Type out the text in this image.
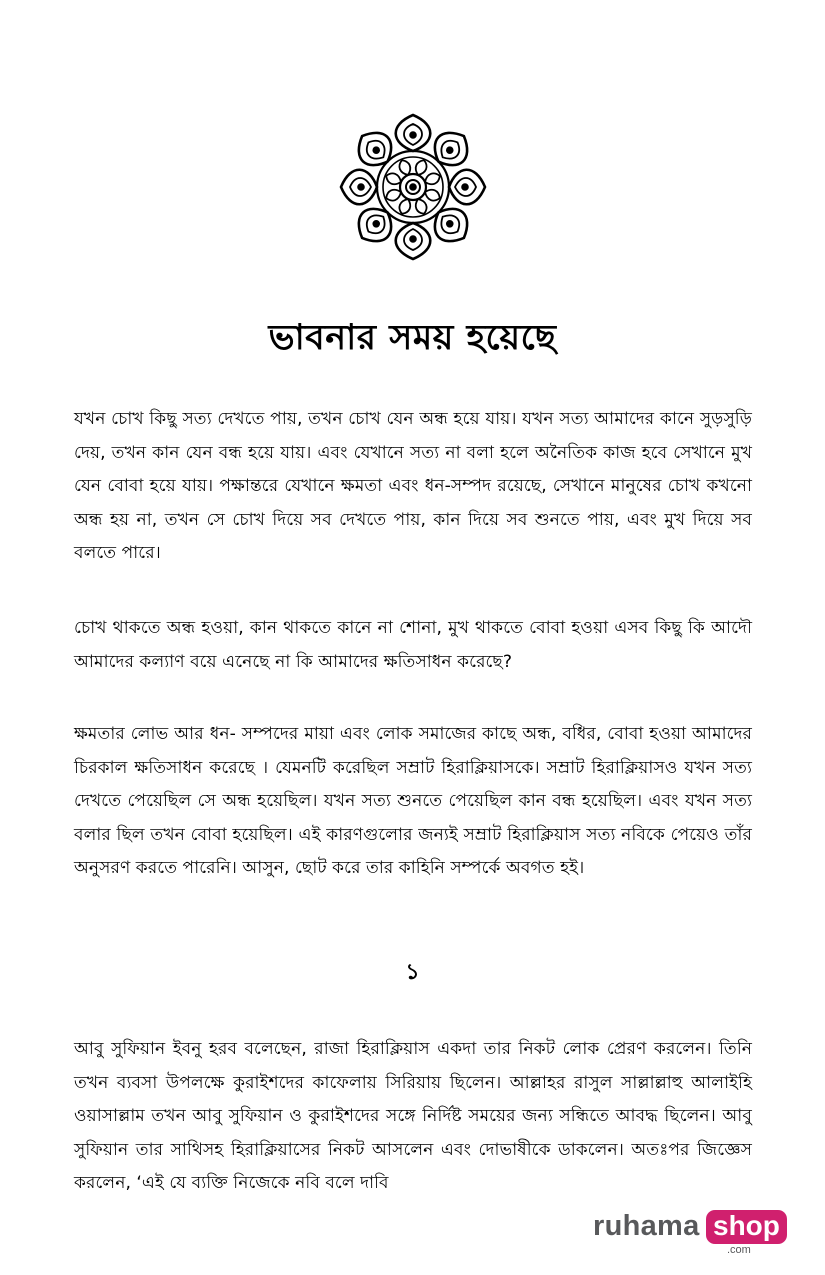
ভাবনার সময় হয়েছে
যখন চোখ কিছু সত্য দেখতে পায়, তখন চোখ যেন অন্ধ হয়ে যায়। যখন সত্য আমাদের কানে সুড়সুড়ি দেয়, তখন কান যেন বন্ধ হয়ে যায়। এবং যেখানে সত্য না বলা হলে অনৈতিক কাজ হবে সেখানে মুখ যেন বোবা হয়ে যায়। পক্ষান্তরে যেখানে ক্ষমতা এবং ধন-সম্পদ রয়েছে, সেখানে মানুষের চোখ কখনো অন্ধ হয় না, তখন সে চোখ দিয়ে সব দেখতে পায়, কান দিয়ে সব শুনতে পায়, এবং মুখ দিয়ে সব বলতে পারে।
চোখ থাকতে অন্ধ হওয়া, কান থাকতে কানে না শোনা, মুখ থাকতে বোবা হওয়া এসব কিছু কি আদৌ আমাদের কল্যাণ বয়ে এনেছে না কি আমাদের ক্ষতিসাধন করেছে?
ক্ষমতার লোভ আর ধন- সম্পদের মায়া এবং লোক সমাজের কাছে অন্ধ, বধির, বোবা হওয়া আমাদের চিরকাল ক্ষতিসাধন করেছে । যেমনটি করেছিল সম্রাট হিরাক্লিয়াসকে। সম্রাট হিরাক্লিয়াসও যখন সত্য দেখতে পেয়েছিল সে অন্ধ হয়েছিল। যখন সত্য শুনতে পেয়েছিল কান বন্ধ হয়েছিল। এবং যখন সত্য বলার ছিল তখন বোবা হয়েছিল। এই কারণগুলোর জন্যই সম্রাট হিরাক্লিয়াস সত্য নবিকে পেয়েও তাঁর অনুসরণ করতে পারেনি। আসুন, ছোট করে তার কাহিনি সম্পর্কে অবগত হই।
১
আবু সুফিয়ান ইবনু হরব বলেছেন, রাজা হিরাক্লিয়াস একদা তার নিকট লোক প্রেরণ করলেন। তিনি তখন ব্যবসা উপলক্ষে কুরাইশদের কাফেলায় সিরিয়ায় ছিলেন। আল্লাহর রাসুল সাল্লাল্লাহু আলাইহি ওয়াসাল্লাম তখন আবু সুফিয়ান ও কুরাইশদের সঙ্গে নির্দিষ্ট সময়ের জন্য সন্ধিতে আবদ্ধ ছিলেন। আবু সুফিয়ান তার সাথিসহ হিরাক্লিয়াসের নিকট আসলেন এবং দোভাষীকে ডাকলেন। অতঃপর জিজ্ঞেস করলেন, ‘এই যে ব্যক্তি নিজেকে নবি বলে দাবি
ruhama shop
.com
